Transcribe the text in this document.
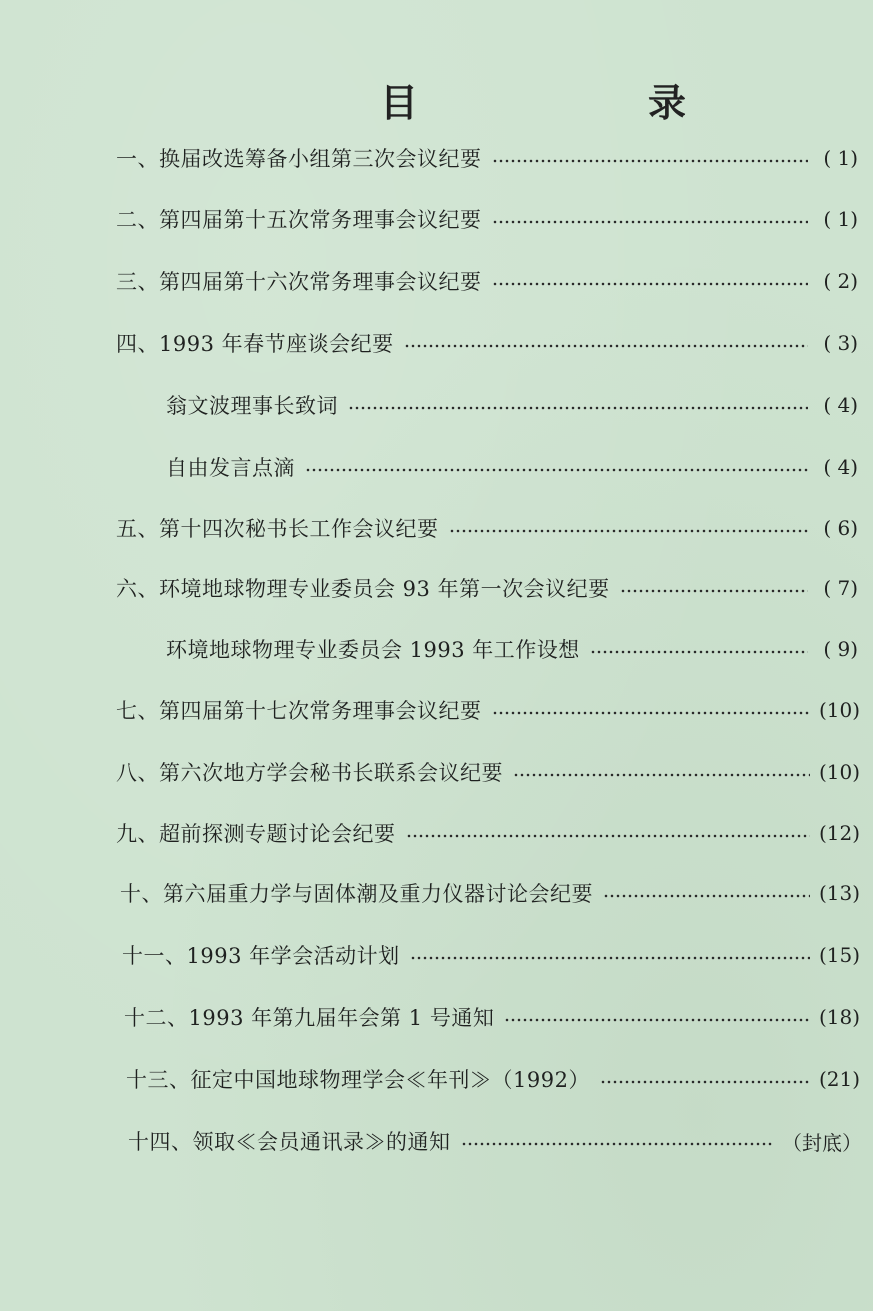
目　录
一、换届改选筹备小组第三次会议纪要	( 1)
二、第四届第十五次常务理事会议纪要	( 1)
三、第四届第十六次常务理事会议纪要	( 2)
四、1993 年春节座谈会纪要	( 3)
翁文波理事长致词	( 4)
自由发言点滴	( 4)
五、第十四次秘书长工作会议纪要	( 6)
六、环境地球物理专业委员会 93 年第一次会议纪要	( 7)
环境地球物理专业委员会 1993 年工作设想	( 9)
七、第四届第十七次常务理事会议纪要	(10)
八、第六次地方学会秘书长联系会议纪要	(10)
九、超前探测专题讨论会纪要	(12)
十、第六届重力学与固体潮及重力仪器讨论会纪要	(13)
十一、1993 年学会活动计划	(15)
十二、1993 年第九届年会第 1 号通知	(18)
十三、征定中国地球物理学会≪年刊≫（1992）	(21)
十四、领取≪会员通讯录≫的通知	（封底）
